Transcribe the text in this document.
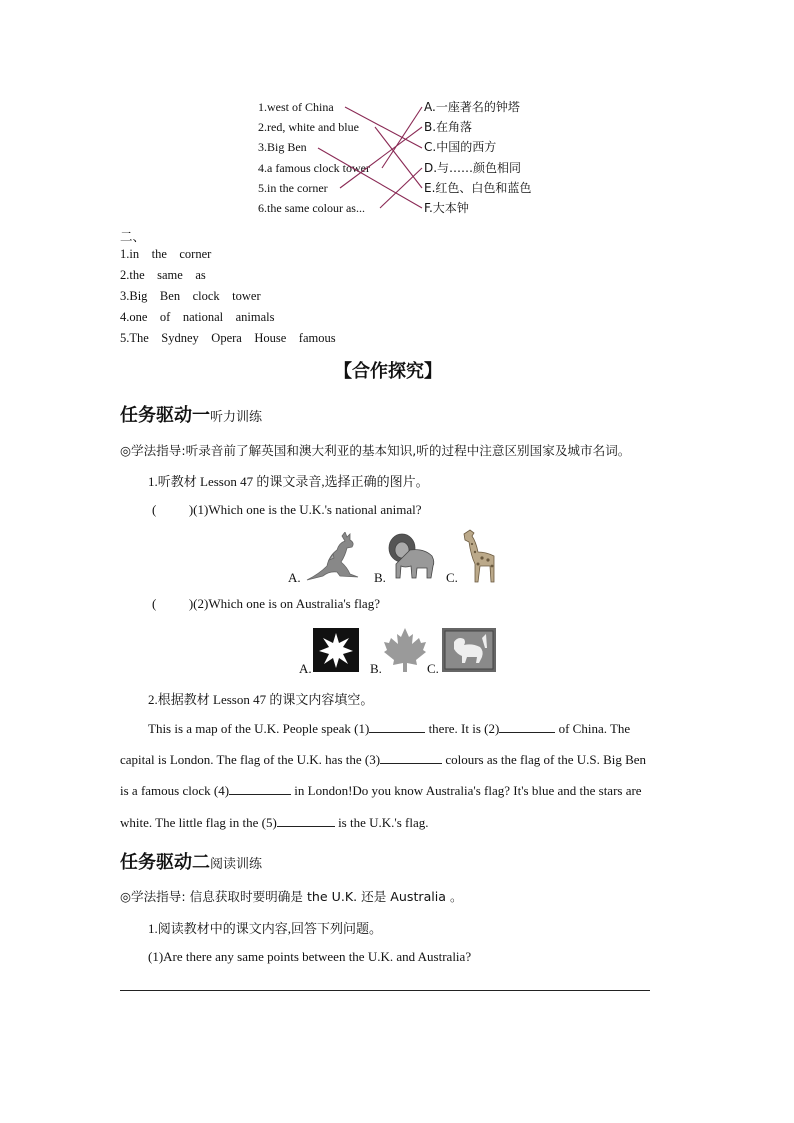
1.west of China
2.red, white and blue
3.Big Ben
4.a famous clock tower
5.in the corner
6.the same colour as...
A.一座著名的钟塔
B.在角落
C.中国的西方
D.与……颜色相同
E.红色、白色和蓝色
F.大本钟
二、
1.in    the    corner
2.the    same    as
3.Big    Ben    clock    tower
4.one    of    national    animals
5.The    Sydney    Opera    House    famous
【合作探究】
任务驱动一听力训练
◎学法指导:听录音前了解英国和澳大利亚的基本知识,听的过程中注意区别国家及城市名词。
1.听教材 Lesson 47 的课文录音,选择正确的图片。
(          )(1)Which one is the U.K.'s national animal?
A.	B.	C.
(          )(2)Which one is on Australia's flag?
A.	B.	C.
2.根据教材 Lesson 47 的课文内容填空。
This is a map of the U.K. People speak (1)	there. It is (2)	of China. The
capital is London. The flag of the U.K. has the (3)	colours as the flag of the U.S. Big Ben
is a famous clock (4)	in London!Do you know Australia's flag? It's blue and the stars are
white. The little flag in the (5)	is the U.K.'s flag.
任务驱动二阅读训练
◎学法指导: 信息获取时要明确是 the U.K. 还是 Australia 。
1.阅读教材中的课文内容,回答下列问题。
(1)Are there any same points between the U.K. and Australia?
